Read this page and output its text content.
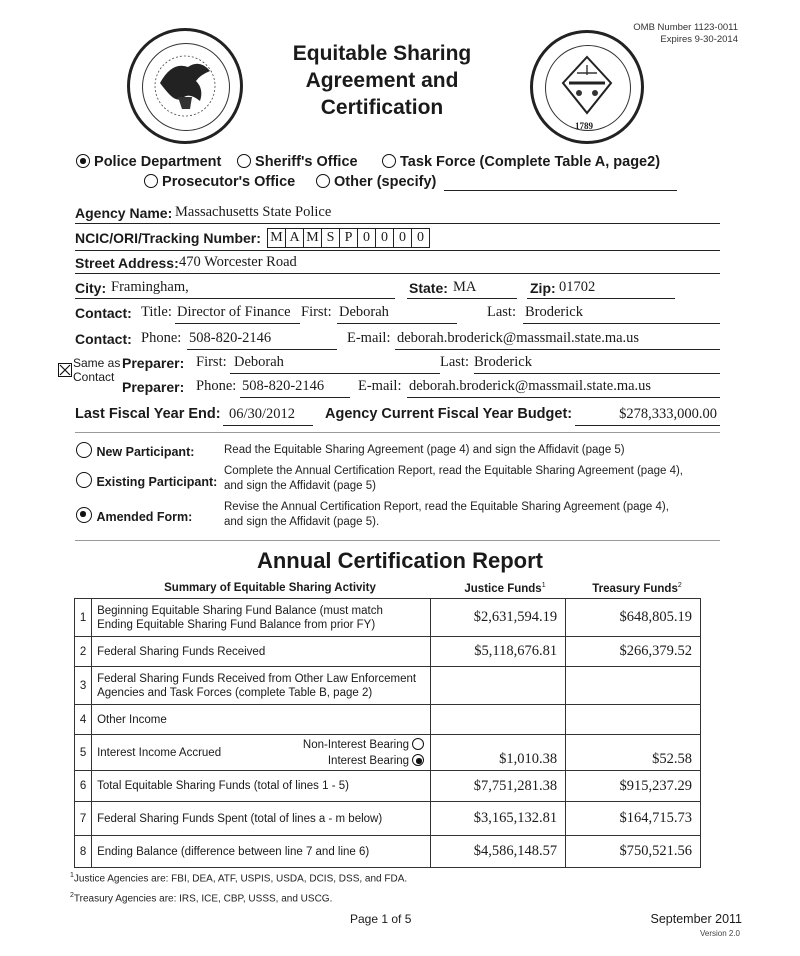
OMB Number 1123-0011
Expires 9-30-2014
Equitable Sharing
Agreement and
Certification
1789
Police Department	Sheriff's Office	Task Force (Complete Table A, page2)
Prosecutor's Office	Other (specify)
Agency Name: Massachusetts State Police
NCIC/ORI/Tracking Number: M A M S P 0 0 0 0
Street Address: 470 Worcester Road
City: Framingham,	State: MA	Zip: 01702
Contact: Title: Director of Financе First: Deborah	Last: Broderick
Contact: Phone: 508-820-2146	E-mail: deborah.broderick@massmail.state.ma.us
Same as
Contact
Preparer: First: Deborah	Last: Broderick
Preparer: Phone: 508-820-2146 E-mail: deborah.broderick@massmail.state.ma.us
Last Fiscal Year End: 06/30/2012 Agency Current Fiscal Year Budget:	$278,333,000.00
New Participant:	Read the Equitable Sharing Agreement (page 4) and sign the Affidavit (page 5)
Existing Participant:
Complete the Annual Certification Report, read the Equitable Sharing Agreement (page 4),
and sign the Affidavit (page 5)
Amended Form:
Revise the Annual Certification Report, read the Equitable Sharing Agreement (page 4),
and sign the Affidavit (page 5).
Annual Certification Report
Summary of Equitable Sharing Activity	Justice Funds$^1$	Treasury Funds$^2$
1	Beginning Equitable Sharing Fund Balance (must match
Ending Equitable Sharing Fund Balance from prior FY)	$2,631,594.19	$648,805.19
2	Federal Sharing Funds Received	$5,118,676.81	$266,379.52
3	Federal Sharing Funds Received from Other Law Enforcement
Agencies and Task Forces (complete Table B, page 2)		

4	Other Income		
5	Interest Income Accrued
Non-Interest Bearing
Interest Bearing	$1,010.38	$52.58
6	Total Equitable Sharing Funds (total of lines 1 - 5)	$7,751,281.38	$915,237.29
7	Federal Sharing Funds Spent (total of lines a - m below)	$3,165,132.81	$164,715.73
8	Ending Balance (difference between line 7 and line 6)	$4,586,148.57	$750,521.56
$^1$Justice Agencies are: FBI, DEA, ATF, USPIS, USDA, DCIS, DSS, and FDA.
$^2$Treasury Agencies are: IRS, ICE, CBP, USSS, and USCG.
Page 1 of 5	September 2011
Version 2.0
